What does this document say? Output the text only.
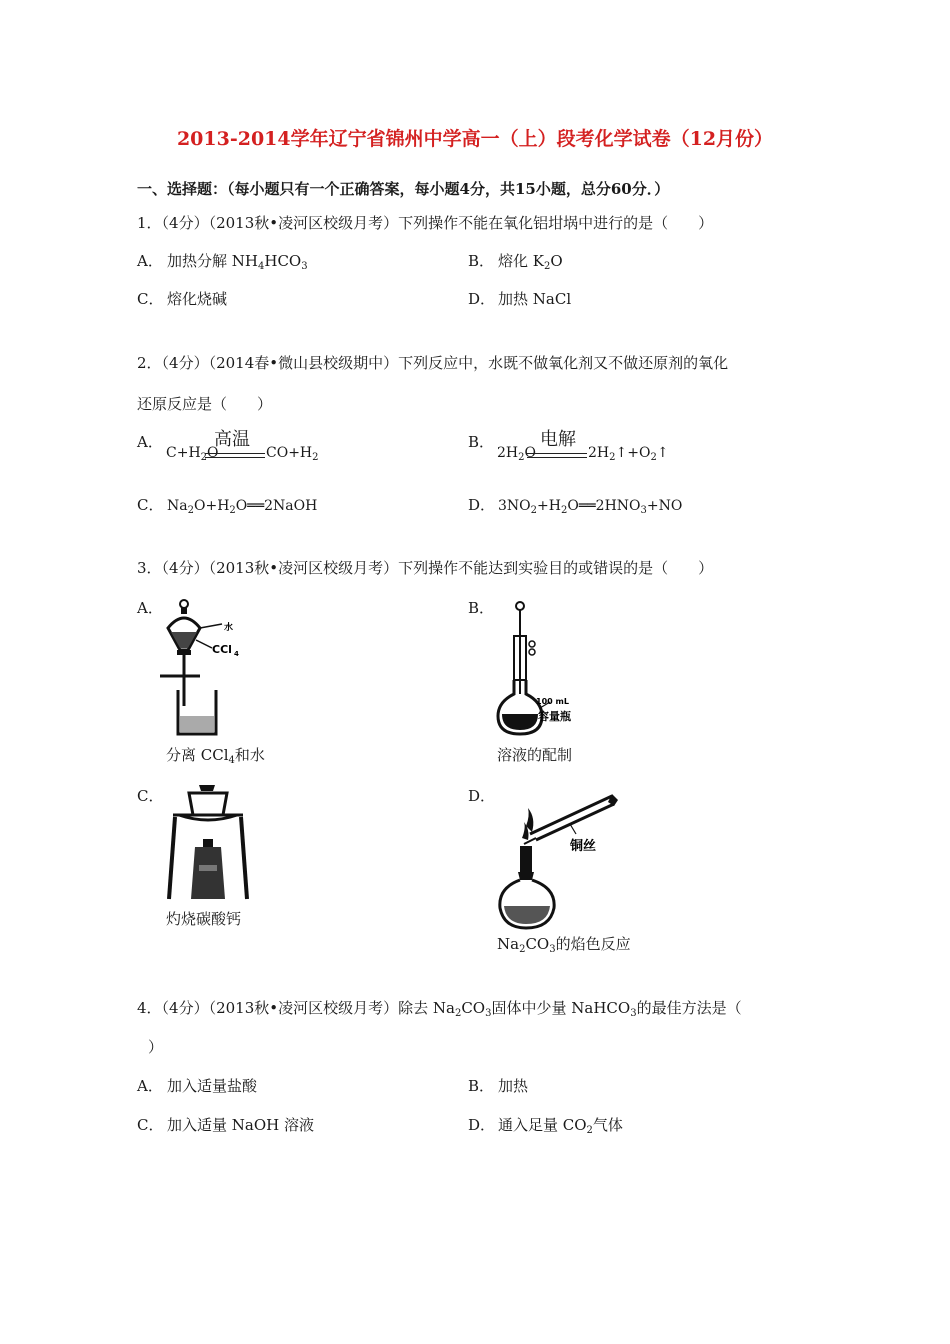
2013-2014学年辽宁省锦州中学高一（上）段考化学试卷（12月份）
一、选择题：（每小题只有一个正确答案，每小题4分，共15小题，总分60分．）
1．（4分）（2013秋•凌河区校级月考）下列操作不能在氧化铝坩埚中进行的是（　　）
A． 加热分解 $NH_4HCO_3$	B． 熔化 $K_2O$
C． 熔化烧碱	D． 加热 NaCl
2．（4分）（2014春•微山县校级期中）下列反应中，水既不做氧化剂又不做还原剂的氧化
还原反应是（　　）
A．	高温
$C+H_2O$	$CO+H_2$
B．	电解
$2H_2O$	$2H_2↑+O_2↑$
C． $Na_2O+H_2O══2NaOH$	D． $3NO_2+H_2O══2HNO_3+NO$
3．（4分）（2013秋•凌河区校级月考）下列操作不能达到实验目的或错误的是（　　）
A．
水
CCl 4
分离 CCl$_4$和水
B．
100 mL
容量瓶
溶液的配制
C．
灼烧碳酸钙
D．
铜丝
$Na_2CO_3$的焰色反应
4．（4分）（2013秋•凌河区校级月考）除去 $Na_2CO_3$固体中少量 NaHCO$_3$的最佳方法是（
）
A． 加入适量盐酸	B． 加热
C． 加入适量 NaOH 溶液	D． 通入足量 $CO_2$气体
